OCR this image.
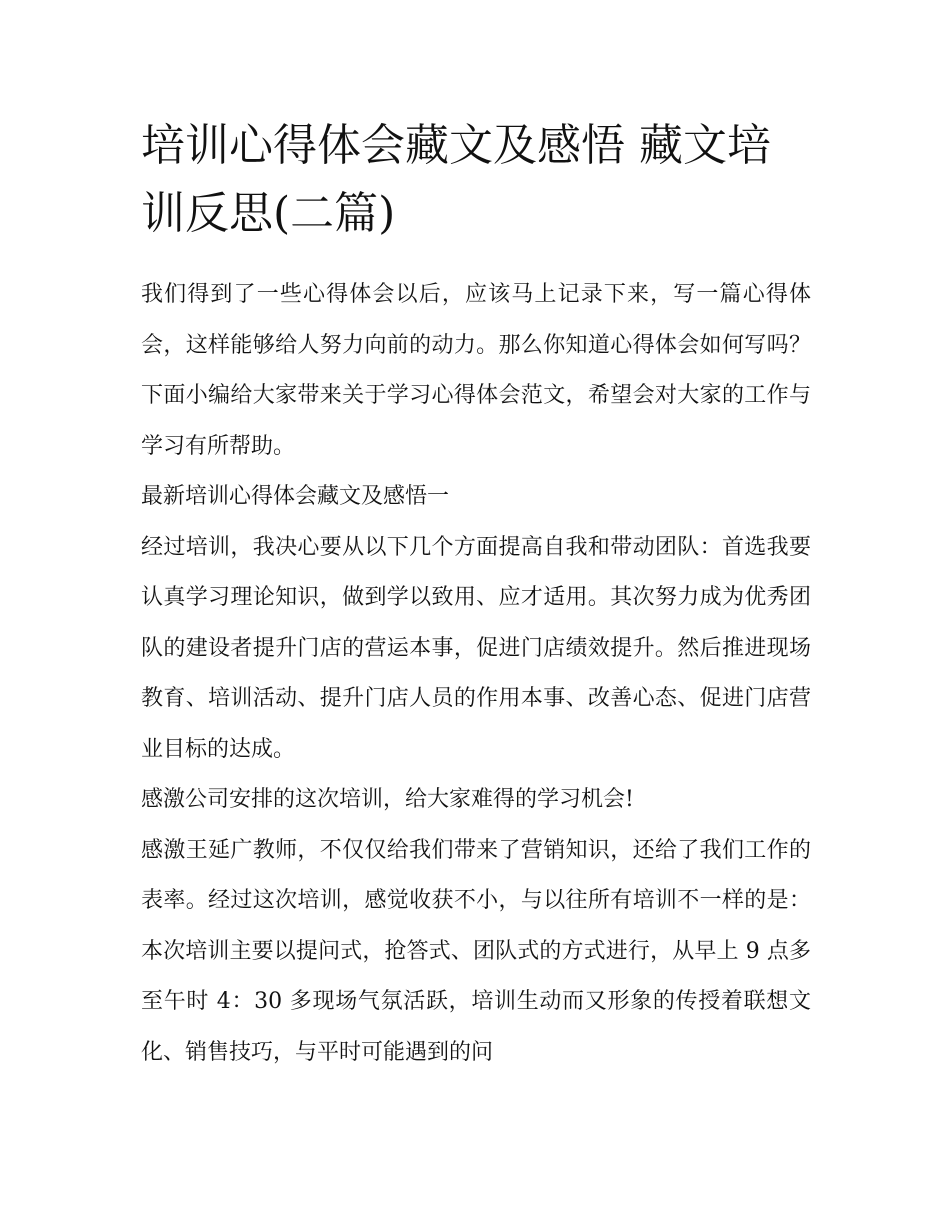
培训心得体会藏文及感悟 藏文培训反思(二篇)

我们得到了一些心得体会以后，应该马上记录下来，写一篇心得体会，这样能够给人努力向前的动力。那么你知道心得体会如何写吗？下面小编给大家带来关于学习心得体会范文，希望会对大家的工作与学习有所帮助。

最新培训心得体会藏文及感悟一

经过培训，我决心要从以下几个方面提高自我和带动团队：首选我要认真学习理论知识，做到学以致用、应才适用。其次努力成为优秀团队的建设者提升门店的营运本事，促进门店绩效提升。然后推进现场教育、培训活动、提升门店人员的作用本事、改善心态、促进门店营业目标的达成。

感激公司安排的这次培训，给大家难得的学习机会!

感激王延广教师，不仅仅给我们带来了营销知识，还给了我们工作的表率。经过这次培训，感觉收获不小，与以往所有培训不一样的是：本次培训主要以提问式，抢答式、团队式的方式进行，从早上 9 点多至午时 4：30 多现场气氛活跃，培训生动而又形象的传授着联想文化、销售技巧，与平时可能遇到的问
